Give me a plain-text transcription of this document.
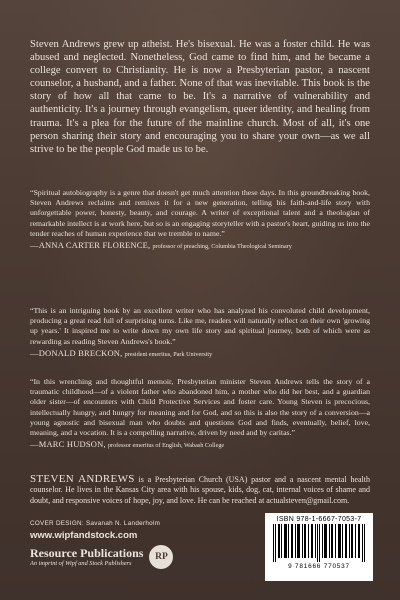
Steven Andrews grew up atheist. He's bisexual. He was a foster child. He was abused and neglected. Nonetheless, God came to find him, and he became a college convert to Christianity. He is now a Presbyterian pastor, a nascent counselor, a husband, and a father. None of that was inevitable. This book is the story of how all that came to be. It's a narrative of vulnerability and authenticity. It's a journey through evangelism, queer identity, and healing from trauma. It's a plea for the future of the mainline church. Most of all, it's one person sharing their story and encouraging you to share your own—as we all strive to be the people God made us to be.

“Spiritual autobiography is a genre that doesn't get much attention these days. In this groundbreaking book, Steven Andrews reclaims and remixes it for a new generation, telling his faith-and-life story with unforgettable power, honesty, beauty, and courage. A writer of exceptional talent and a theologian of remarkable intellect is at work here, but so is an engaging storyteller with a pastor's heart, guiding us into the tender reaches of human experience that we tremble to name.”

—ANNA CARTER FLORENCE, professor of preaching, Columbia Theological Seminary

“This is an intriguing book by an excellent writer who has analyzed his convoluted child development, producing a great read full of surprising turns. Like me, readers will naturally reflect on their own 'growing up years.' It inspired me to write down my own life story and spiritual journey, both of which were as rewarding as reading Steven Andrews's book.”

—DONALD BRECKON, president emeritus, Park University

“In this wrenching and thoughtful memoir, Presbyterian minister Steven Andrews tells the story of a traumatic childhood—of a violent father who abandoned him, a mother who did her best, and a guardian older sister—of encounters with Child Protective Services and foster care. Young Steven is precocious, intellectually hungry, and hungry for meaning and for God, and so this is also the story of a conversion—a young agnostic and bisexual man who doubts and questions God and finds, eventually, belief, love, meaning, and a vocation. It is a compelling narrative, driven by need and by caritas.”

—MARC HUDSON, professor emeritus of English, Wabash College

STEVEN ANDREWS is a Presbyterian Church (USA) pastor and a nascent mental health counselor. He lives in the Kansas City area with his spouse, kids, dog, cat, internal voices of shame and doubt, and responsive voices of hope, joy, and love. He can be reached at actualsteven@gmail.com.

COVER DESIGN: Savanah N. Landerholm

www.wipfandstock.com

Resource Publications
An imprint of Wipf and Stock Publishers
RP

ISBN 978-1-6667-7053-7

9 781666 770537
